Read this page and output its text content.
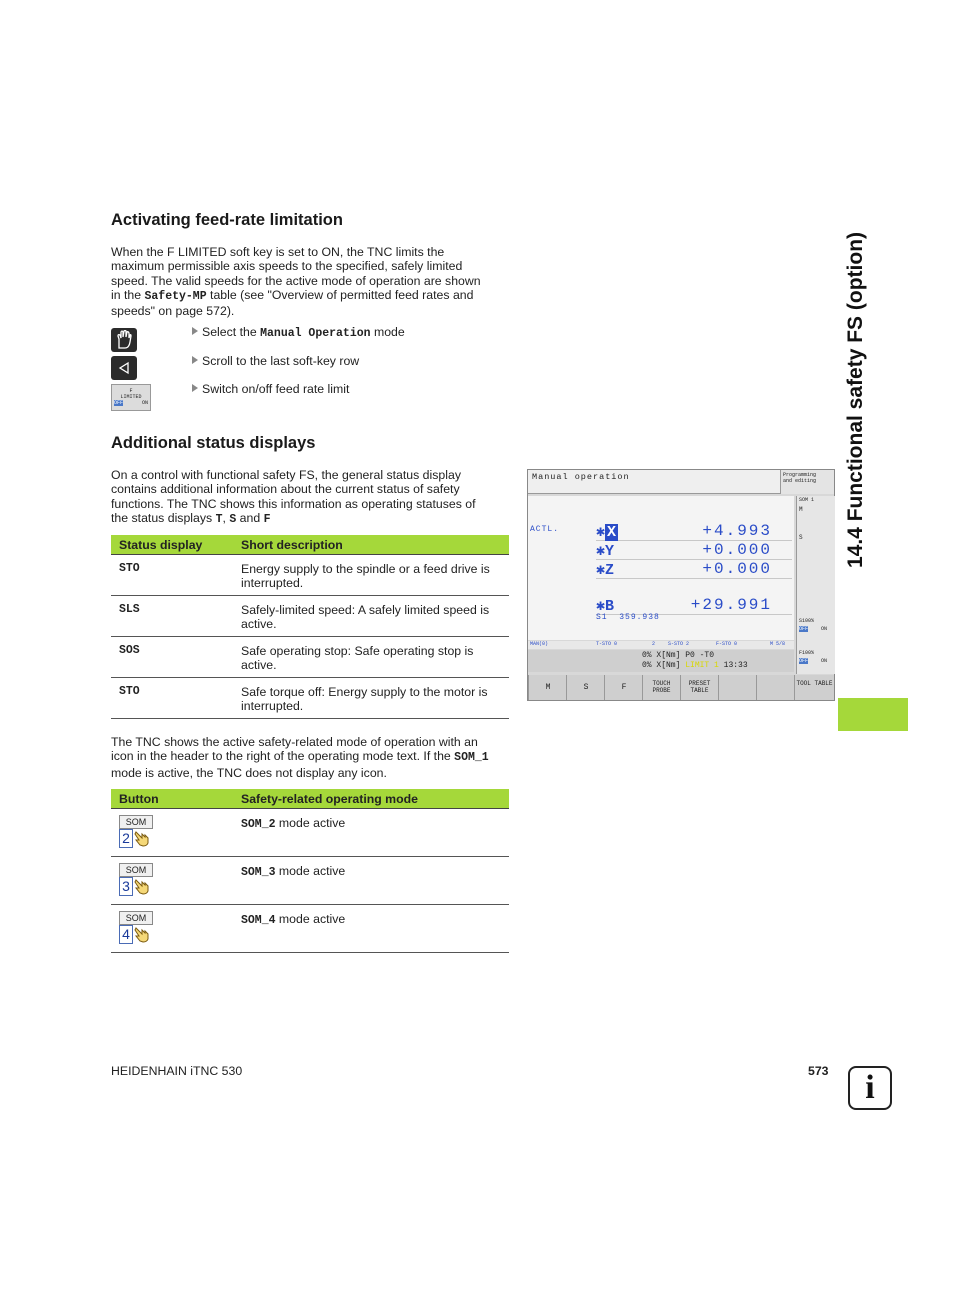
Activating feed-rate limitation
When the F LIMITED soft key is set to ON, the TNC limits the
maximum permissible axis speeds to the specified, safely limited
speed. The valid speeds for the active mode of operation are shown
in the Safety-MP table (see "Overview of permitted feed rates and
speeds" on page 572).
F
LIMITED
OFF	ON
Select the Manual Operation mode
Scroll to the last soft-key row
Switch on/off feed rate limit
Additional status displays
On a control with functional safety FS, the general status display
contains additional information about the current status of safety
functions. The TNC shows this information as operating statuses of
the status displays T, S and F
Status display	Short description
STO	Energy supply to the spindle or a feed drive is interrupted.
SLS	Safely-limited speed: A safely limited speed is active.
SOS	Safe operating stop: Safe operating stop is active.
STO	Safe torque off: Energy supply to the motor is interrupted.
The TNC shows the active safety-related mode of operation with an
icon in the header to the right of the operating mode text. If the SOM_1
mode is active, the TNC does not display any icon.
Button	Safety-related operating mode

SOM
2	SOM_2 mode active

SOM
3	SOM_3 mode active

SOM
4	SOM_4 mode active
Manual operation	Programming
and editing
ACTL. ✱ X	+4.993
✱Y	+0.000
✱Z	+0.000
✱B	+29.991
S1 359.938
MAN(0)	T-STO 0	2	S-STO 2	F-STO 0	M 5/8
0% X[Nm] P0 -T0
0% X[Nm] LIMIT 1 13:33
SOM 1
M
S
S100%
OFF	ON
F100%
OFF	ON
M	S	F	TOUCH PROBE
PRESET TABLE
TOOL TABLE
14.4 Functional safety FS (option)
HEIDENHAIN iTNC 530	573	i
